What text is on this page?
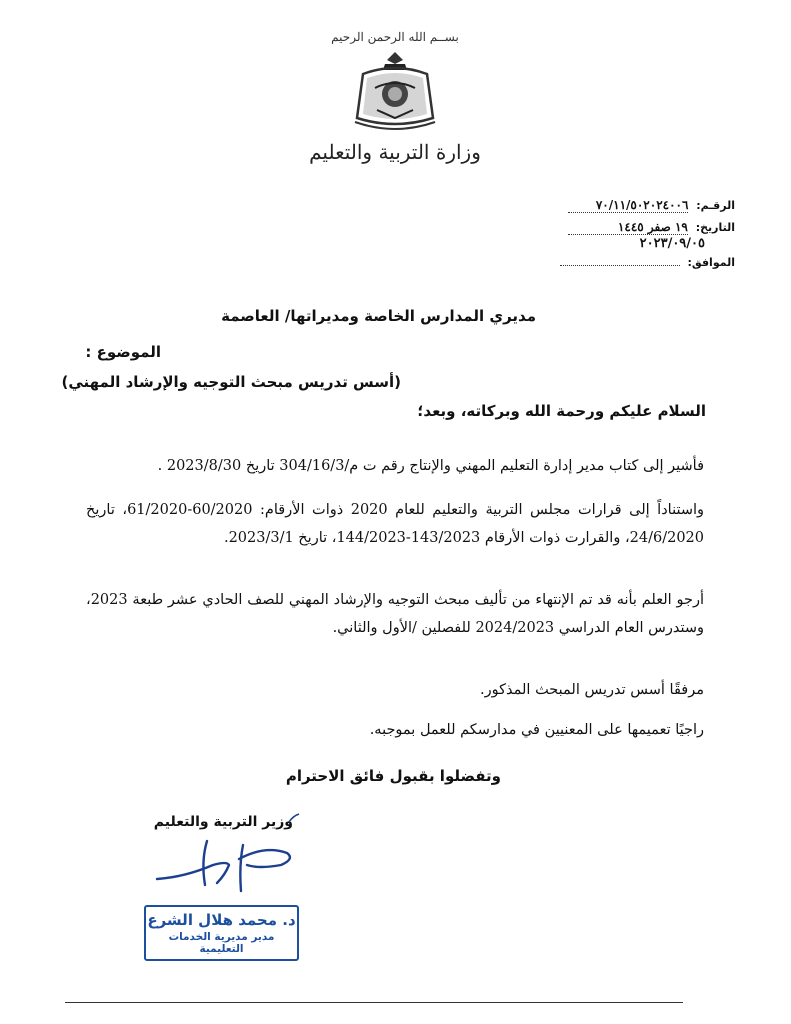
بســم الله الرحمن الرحيم
وزارة التربية والتعليم
الرقـم: ٧٠/١١/٥٠٢٠٢٤٠٠٦
التاريخ: ١٩ صفر ١٤٤٥
٢٠٢٣/٠٩/٠٥
الموافق:
مديري المدارس الخاصة ومديراتها/ العاصمة
الموضوع :
(أسس تدريس مبحث التوجيه والإرشاد المهني)
السلام عليكم ورحمة الله وبركاته، وبعد؛
فأشير إلى كتاب مدير إدارة التعليم المهني والإنتاج رقم ت م/304/16/3 تاريخ 2023/8/30 .
واستناداً إلى قرارات مجلس التربية والتعليم للعام 2020 ذوات الأرقام: 60/2020-61/2020، تاريخ 24/6/2020، والقرارت ذوات الأرقام 143/2023-144/2023، تاريخ 2023/3/1.
أرجو العلم بأنه قد تم الإنتهاء من تأليف مبحث التوجيه والإرشاد المهني للصف الحادي عشر طبعة 2023، وستدرس العام الدراسي 2024/2023 للفصلين /الأول والثاني.
مرفقًا أسس تدريس المبحث المذكور.
راجيًا تعميمها على المعنيين في مدارسكم للعمل بموجبه.
وتفضلوا بقبول فائق الاحترام
وزير التربية والتعليم
د. محمد هلال الشرع
مدير مديرية الخدمات التعليمية
